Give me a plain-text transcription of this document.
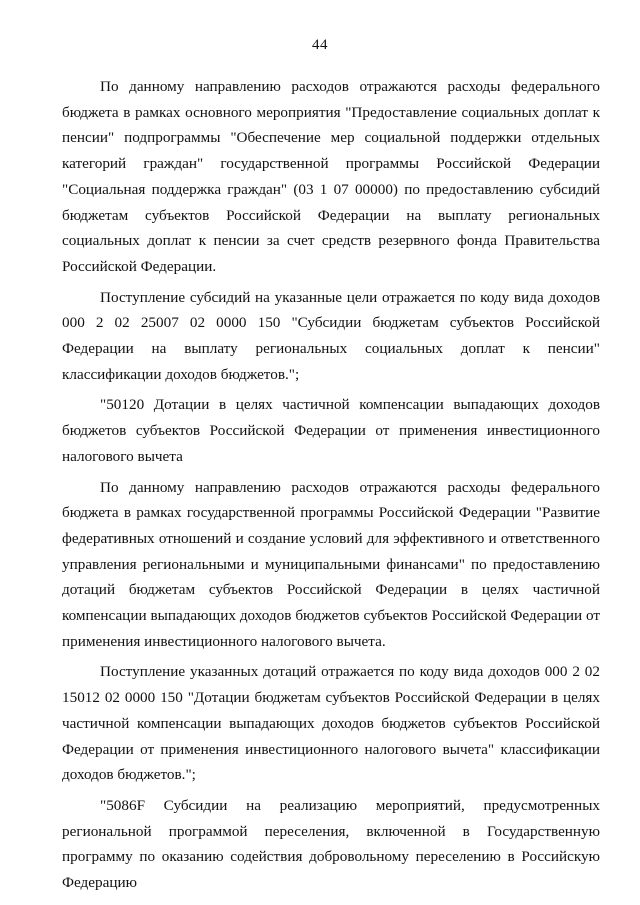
44

По данному направлению расходов отражаются расходы федерального бюджета в рамках основного мероприятия "Предоставление социальных доплат к пенсии" подпрограммы "Обеспечение мер социальной поддержки отдельных категорий граждан" государственной программы Российской Федерации "Социальная поддержка граждан" (03 1 07 00000) по предоставлению субсидий бюджетам субъектов Российской Федерации на выплату региональных социальных доплат к пенсии за счет средств резервного фонда Правительства Российской Федерации.

Поступление субсидий на указанные цели отражается по коду вида доходов 000 2 02 25007 02 0000 150 "Субсидии бюджетам субъектов Российской Федерации на выплату региональных социальных доплат к пенсии" классификации доходов бюджетов.";

"50120 Дотации в целях частичной компенсации выпадающих доходов бюджетов субъектов Российской Федерации от применения инвестиционного налогового вычета

По данному направлению расходов отражаются расходы федерального бюджета в рамках государственной программы Российской Федерации "Развитие федеративных отношений и создание условий для эффективного и ответственного управления региональными и муниципальными финансами" по предоставлению дотаций бюджетам субъектов Российской Федерации в целях частичной компенсации выпадающих доходов бюджетов субъектов Российской Федерации от применения инвестиционного налогового вычета.

Поступление указанных дотаций отражается по коду вида доходов 000 2 02 15012 02 0000 150 "Дотации бюджетам субъектов Российской Федерации в целях частичной компенсации выпадающих доходов бюджетов субъектов Российской Федерации от применения инвестиционного налогового вычета" классификации доходов бюджетов.";

"5086F Субсидии на реализацию мероприятий, предусмотренных региональной программой переселения, включенной в Государственную программу по оказанию содействия добровольному переселению в Российскую Федерацию
